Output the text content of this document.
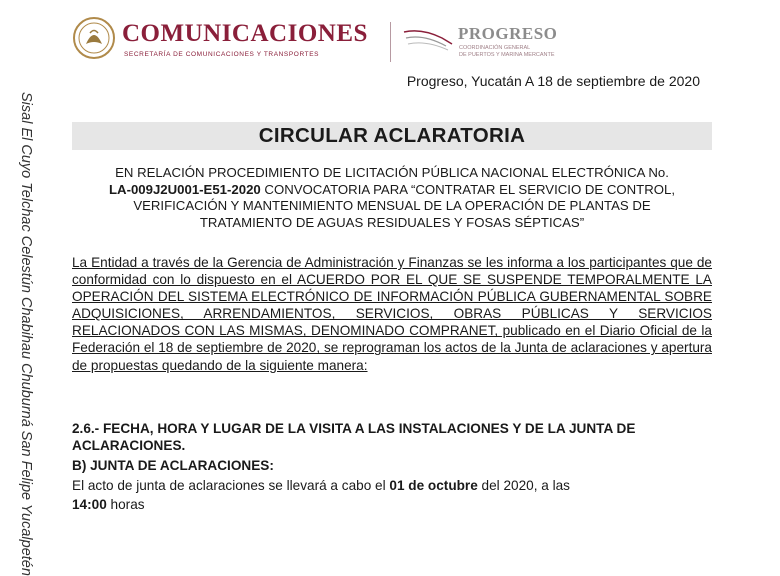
COMUNICACIONES
SECRETARÍA DE COMUNICACIONES Y TRANSPORTES
PROGRESO
COORDINACIÓN GENERAL
DE PUERTOS Y MARINA MERCANTE
Progreso, Yucatán A 18 de septiembre de 2020
Sisal El Cuyo Telchac Celestún Chabihau Chuburná San Felipe Yucalpetén	CIRCULAR ACLARATORIA
EN RELACIÓN PROCEDIMIENTO DE LICITACIÓN PÚBLICA NACIONAL ELECTRÓNICA No.
LA-009J2U001-E51-2020 CONVOCATORIA PARA “CONTRATAR EL SERVICIO DE CONTROL,
VERIFICACIÓN Y MANTENIMIENTO MENSUAL DE LA OPERACIÓN DE PLANTAS DE
TRATAMIENTO DE AGUAS RESIDUALES Y FOSAS SÉPTICAS”
La Entidad a través de la Gerencia de Administración y Finanzas se les informa a los participantes que de conformidad con lo dispuesto en el ACUERDO POR EL QUE SE SUSPENDE TEMPORALMENTE LA OPERACIÓN DEL SISTEMA ELECTRÓNICO DE INFORMACIÓN PÚBLICA GUBERNAMENTAL SOBRE ADQUISICIONES, ARRENDAMIENTOS, SERVICIOS, OBRAS PÚBLICAS Y SERVICIOS RELACIONADOS CON LAS MISMAS, DENOMINADO COMPRANET, publicado en el Diario Oficial de la Federación el 18 de septiembre de 2020, se reprograman los actos de la Junta de aclaraciones y apertura de propuestas quedando de la siguiente manera:
2.6.- FECHA, HORA Y LUGAR DE LA VISITA A LAS INSTALACIONES Y DE LA JUNTA DE ACLARACIONES.
B) JUNTA DE ACLARACIONES:
El acto de junta de aclaraciones se llevará a cabo el 01 de octubre del 2020, a las
14:00 horas
